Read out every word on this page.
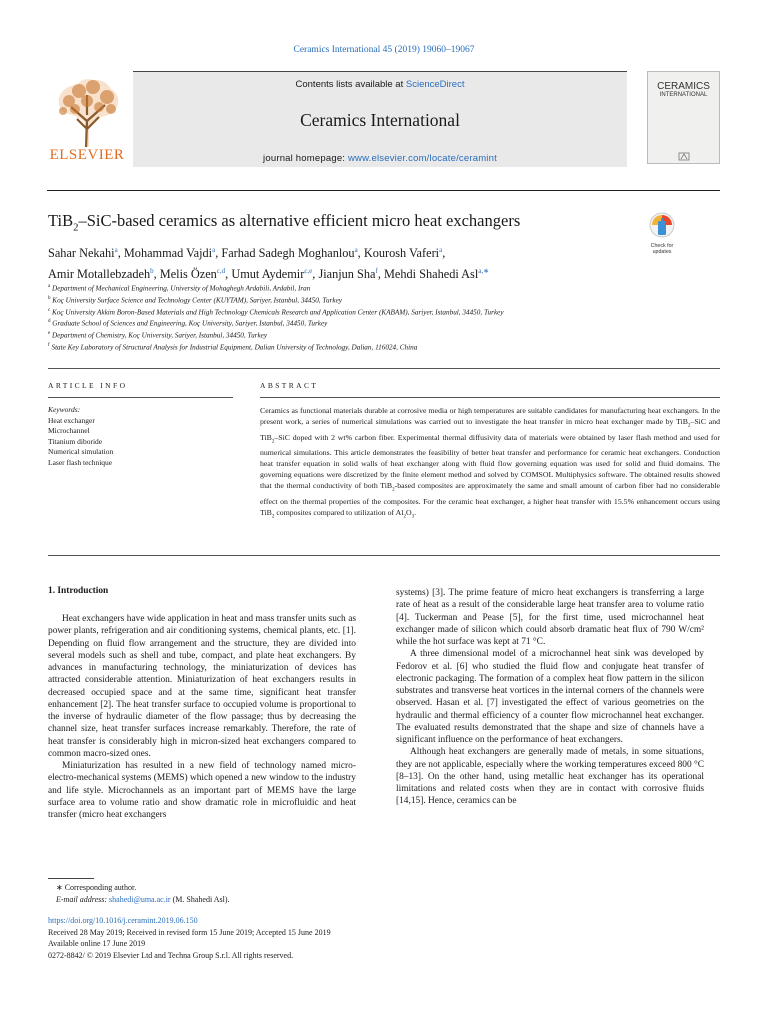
Ceramics International 45 (2019) 19060–19067
ELSEVIER
Contents lists available at ScienceDirect
Ceramics International
journal homepage: www.elsevier.com/locate/ceramint
CERAMICS
INTERNATIONAL
TiB$_2$–SiC-based ceramics as alternative efficient micro heat exchangers
Check for updates
Sahar Nekahi$^a$, Mohammad Vajdi$^a$, Farhad Sadegh Moghanlou$^a$, Kourosh Vaferi$^a$,
Amir Motallebzadeh$^b$, Melis Özen$^{c,d}$, Umut Aydemir$^{c,e}$, Jianjun Sha$^f$, Mehdi Shahedi Asl$^{a,∗}$
$^a$ Department of Mechanical Engineering, University of Mohaghegh Ardabili, Ardabil, Iran
$^b$ Koç University Surface Science and Technology Center (KUYTAM), Sariyer, Istanbul, 34450, Turkey
$^c$ Koç University Akkim Boron-Based Materials and High Technology Chemicals Research and Application Center (KABAM), Sariyer, Istanbul, 34450, Turkey
$^d$ Graduate School of Sciences and Engineering, Koç University, Sariyer, Istanbul, 34450, Turkey
$^e$ Department of Chemistry, Koç University, Sariyer, Istanbul, 34450, Turkey
$^f$ State Key Laboratory of Structural Analysis for Industrial Equipment, Dalian University of Technology, Dalian, 116024, China
ARTICLE INFO
Keywords:
Heat exchanger
Microchannel
Titanium diboride
Numerical simulation
Laser flash technique
ABSTRACT
Ceramics as functional materials durable at corrosive media or high temperatures are suitable candidates for manufacturing heat exchangers. In the present work, a series of numerical simulations was carried out to investigate the heat transfer in micro heat exchanger made by TiB$_2$–SiC and TiB$_2$–SiC doped with 2 wt% carbon fiber. Experimental thermal diffusivity data of materials were obtained by laser flash method and used for numerical simulations. This article demonstrates the feasibility of better heat transfer and performance for ceramic heat exchangers. Conduction heat transfer equation in solid walls of heat exchanger along with fluid flow governing equation was used for solid and fluid domains. The governing equations were discretized by the finite element method and solved by COMSOL Multiphysics software. The obtained results showed that the thermal conductivity of both TiB$_2$-based composites are approximately the same and small amount of carbon fiber had no considerable effect on the thermal properties of the composites. For the ceramic heat exchanger, a higher heat transfer with 15.5% enhancement occurs using TiB$_2$ composites compared to utilization of $Al_2O_3$.
1. Introduction

Heat exchangers have wide application in heat and mass transfer units such as power plants, refrigeration and air conditioning systems, chemical plants, etc. [1]. Depending on fluid flow arrangement and the structure, they are divided into several models such as shell and tube, compact, and plate heat exchangers. By advances in manufacturing technology, the miniaturization of devices has attracted considerable attention. Miniaturization of heat exchangers results in decreased occupied space and at the same time, significant heat transfer enhancement [2]. The heat transfer surface to occupied volume is proportional to the inverse of hydraulic diameter of the flow passage; thus by decreasing the channel size, heat transfer surfaces increase remarkably. Therefore, the rate of heat transfer is considerably high in micron-sized heat exchangers compared to common macro-sized ones.

Miniaturization has resulted in a new field of technology named micro-electro-mechanical systems (MEMS) which opened a new window to the industry and life style. Microchannels as an important part of MEMS have the large surface area to volume ratio and show dramatic role in microfluidic and heat transfer (micro heat exchangers

systems) [3]. The prime feature of micro heat exchangers is transferring a large rate of heat as a result of the considerable large heat transfer area to volume ratio [4]. Tuckerman and Pease [5], for the first time, used microchannel heat exchanger made of silicon which could absorb dramatic heat flux of 790 W/cm² while the hot surface was kept at 71 °C.

A three dimensional model of a microchannel heat sink was developed by Fedorov et al. [6] who studied the fluid flow and conjugate heat transfer of electronic packaging. The formation of a complex heat flow pattern in the silicon substrates and transverse heat vortices in the internal corners of the channels were observed. Hasan et al. [7] investigated the effect of various geometries on the hydraulic and thermal efficiency of a counter flow microchannel heat exchanger. The evaluated results demonstrated that the shape and size of channels have a significant influence on the performance of heat exchangers.

Although heat exchangers are generally made of metals, in some situations, they are not applicable, especially where the working temperatures exceed 800 °C [8–13]. On the other hand, using metallic heat exchanger has its operational limitations and related costs when they are in contact with corrosive fluids [14,15]. Hence, ceramics can be

∗ Corresponding author.
E-mail address: shahedi@uma.ac.ir (M. Shahedi Asl).
https://doi.org/10.1016/j.ceramint.2019.06.150
Received 28 May 2019; Received in revised form 15 June 2019; Accepted 15 June 2019
Available online 17 June 2019
0272-8842/ © 2019 Elsevier Ltd and Techna Group S.r.l. All rights reserved.
